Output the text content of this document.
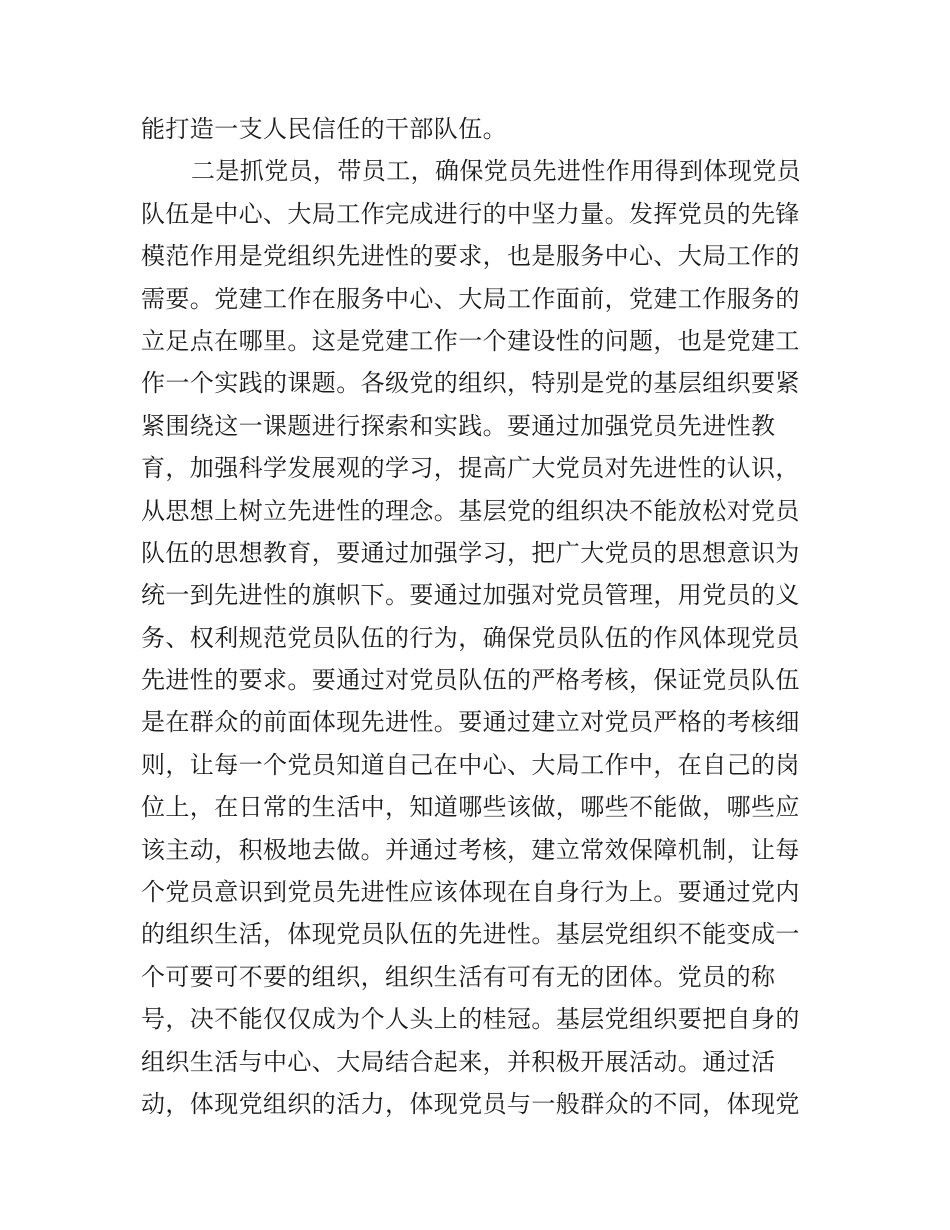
能打造一支人民信任的干部队伍。
二是抓党员，带员工，确保党员先进性作用得到体现党员
队伍是中心、大局工作完成进行的中坚力量。发挥党员的先锋
模范作用是党组织先进性的要求，也是服务中心、大局工作的
需要。党建工作在服务中心、大局工作面前，党建工作服务的
立足点在哪里。这是党建工作一个建设性的问题，也是党建工
作一个实践的课题。各级党的组织，特别是党的基层组织要紧
紧围绕这一课题进行探索和实践。要通过加强党员先进性教
育，加强科学发展观的学习，提高广大党员对先进性的认识，
从思想上树立先进性的理念。基层党的组织决不能放松对党员
队伍的思想教育，要通过加强学习，把广大党员的思想意识为
统一到先进性的旗帜下。要通过加强对党员管理，用党员的义
务、权利规范党员队伍的行为，确保党员队伍的作风体现党员
先进性的要求。要通过对党员队伍的严格考核，保证党员队伍
是在群众的前面体现先进性。要通过建立对党员严格的考核细
则，让每一个党员知道自己在中心、大局工作中，在自己的岗
位上，在日常的生活中，知道哪些该做，哪些不能做，哪些应
该主动，积极地去做。并通过考核，建立常效保障机制，让每
个党员意识到党员先进性应该体现在自身行为上。要通过党内
的组织生活，体现党员队伍的先进性。基层党组织不能变成一
个可要可不要的组织，组织生活有可有无的团体。党员的称
号，决不能仅仅成为个人头上的桂冠。基层党组织要把自身的
组织生活与中心、大局结合起来，并积极开展活动。通过活
动，体现党组织的活力，体现党员与一般群众的不同，体现党
